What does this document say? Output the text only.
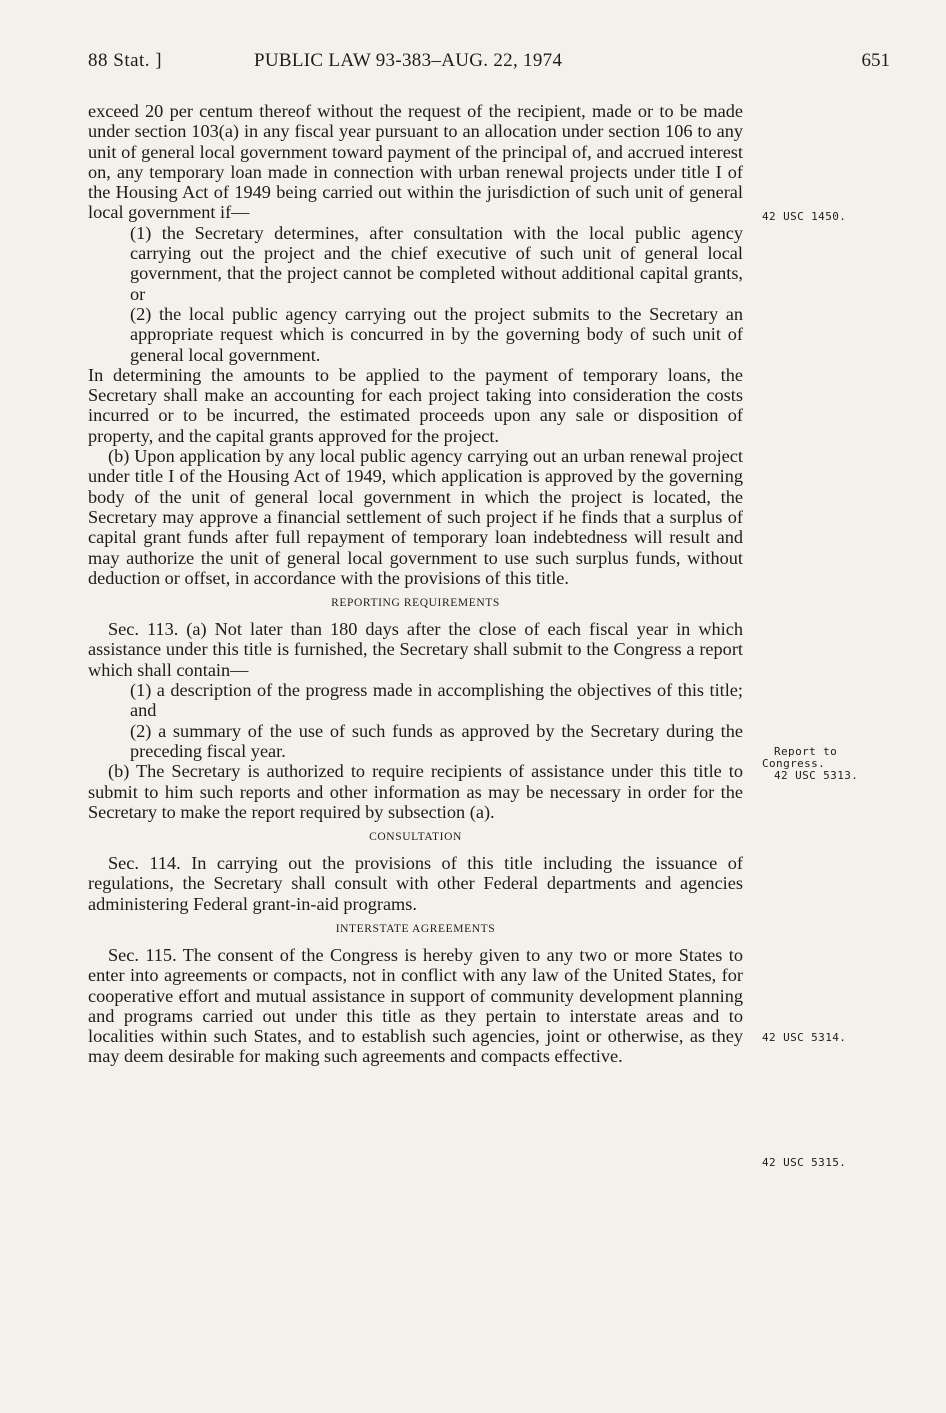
88 Stat. ]	PUBLIC LAW 93-383–AUG. 22, 1974	651

exceed 20 per centum thereof without the request of the recipient, made or to be made under section 103(a) in any fiscal year pursuant to an allocation under section 106 to any unit of general local government toward payment of the principal of, and accrued interest on, any temporary loan made in connection with urban renewal projects under title I of the Housing Act of 1949 being carried out within the jurisdiction of such unit of general local government if—

(1) the Secretary determines, after consultation with the local public agency carrying out the project and the chief executive of such unit of general local government, that the project cannot be completed without additional capital grants, or

(2) the local public agency carrying out the project submits to the Secretary an appropriate request which is concurred in by the governing body of such unit of general local government.

In determining the amounts to be applied to the payment of temporary loans, the Secretary shall make an accounting for each project taking into consideration the costs incurred or to be incurred, the estimated proceeds upon any sale or disposition of property, and the capital grants approved for the project.

(b) Upon application by any local public agency carrying out an urban renewal project under title I of the Housing Act of 1949, which application is approved by the governing body of the unit of general local government in which the project is located, the Secretary may approve a financial settlement of such project if he finds that a surplus of capital grant funds after full repayment of temporary loan indebtedness will result and may authorize the unit of general local government to use such surplus funds, without deduction or offset, in accordance with the provisions of this title.

REPORTING REQUIREMENTS

Sec. 113. (a) Not later than 180 days after the close of each fiscal year in which assistance under this title is furnished, the Secretary shall submit to the Congress a report which shall contain—

(1) a description of the progress made in accomplishing the objectives of this title; and

(2) a summary of the use of such funds as approved by the Secretary during the preceding fiscal year.

(b) The Secretary is authorized to require recipients of assistance under this title to submit to him such reports and other information as may be necessary in order for the Secretary to make the report required by subsection (a).

CONSULTATION

Sec. 114. In carrying out the provisions of this title including the issuance of regulations, the Secretary shall consult with other Federal departments and agencies administering Federal grant-in-aid programs.

INTERSTATE AGREEMENTS

Sec. 115. The consent of the Congress is hereby given to any two or more States to enter into agreements or compacts, not in conflict with any law of the United States, for cooperative effort and mutual assistance in support of community development planning and programs carried out under this title as they pertain to interstate areas and to localities within such States, and to establish such agencies, joint or otherwise, as they may deem desirable for making such agreements and compacts effective.

42 USC 1450.
Report to
Congress.
42 USC 5313.
42 USC 5314.
42 USC 5315.
